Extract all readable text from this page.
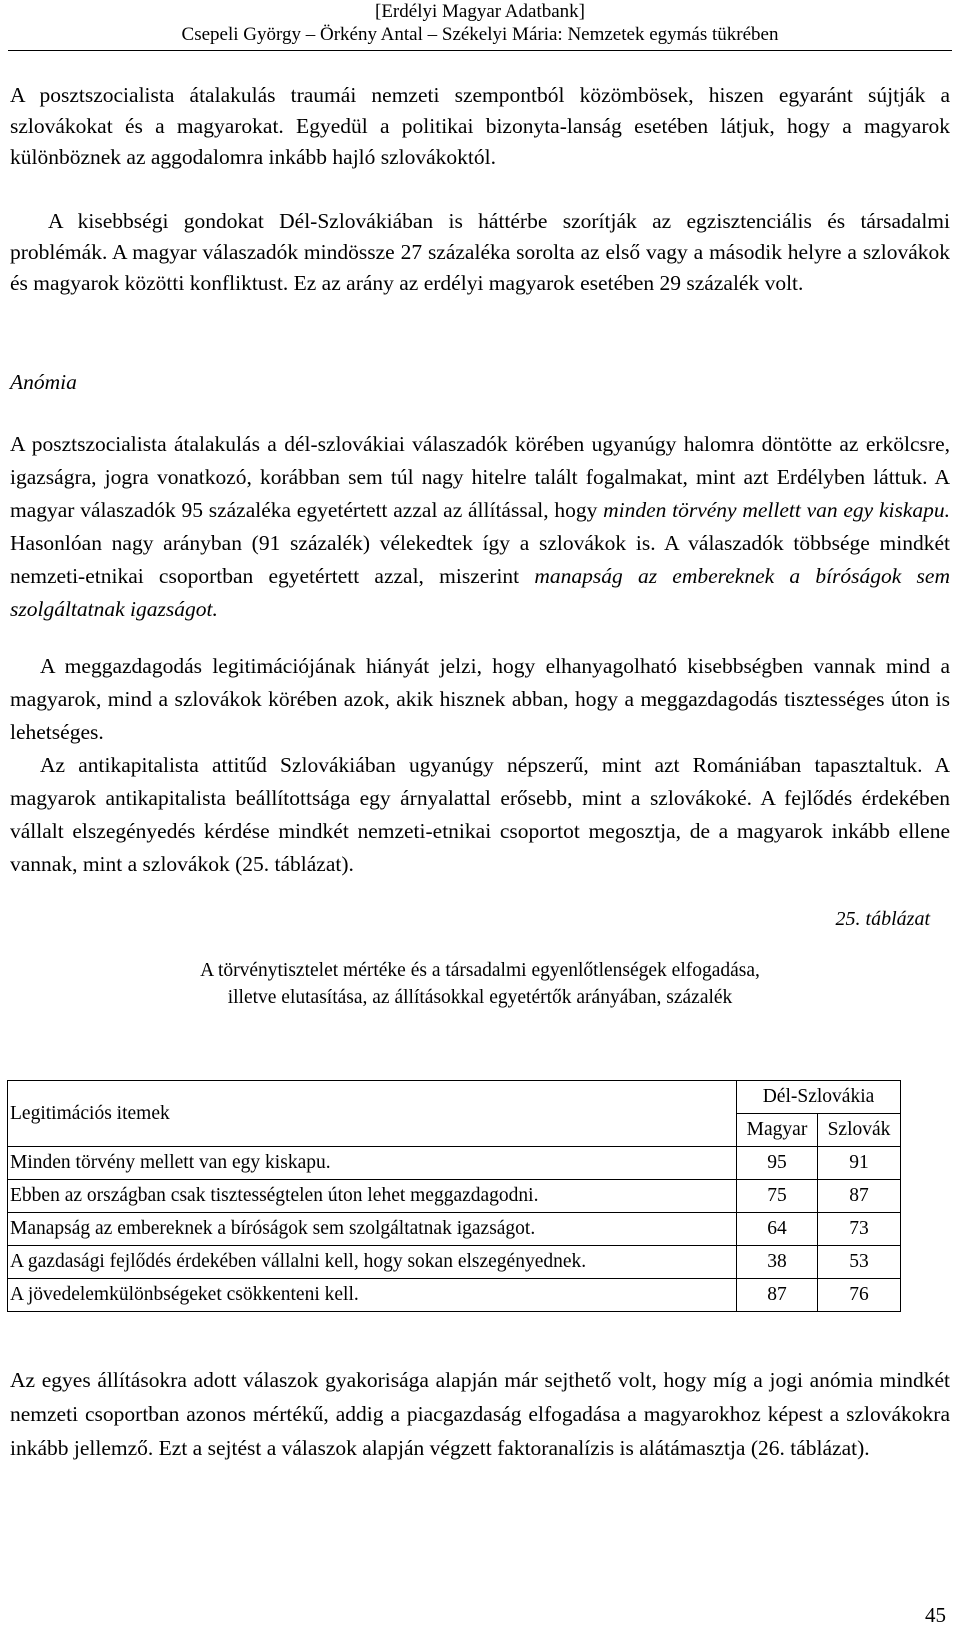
[Erdélyi Magyar Adatbank]
Csepeli György – Örkény Antal – Székelyi Mária: Nemzetek egymás tükrében
A posztszocialista átalakulás traumái nemzeti szempontból közömbösek, hiszen egyaránt sújtják a szlovákokat és a magyarokat. Egyedül a politikai bizonyta-lanság esetében látjuk, hogy a magyarok különböznek az aggodalomra inkább hajló szlovákoktól.
A kisebbségi gondokat Dél-Szlovákiában is háttérbe szorítják az egzisztenciális és társadalmi problémák. A magyar válaszadók mindössze 27 százaléka sorolta az első vagy a második helyre a szlovákok és magyarok közötti konfliktust. Ez az arány az erdélyi magyarok esetében 29 százalék volt.
Anómia
A posztszocialista átalakulás a dél-szlovákiai válaszadók körében ugyanúgy halomra döntötte az erkölcsre, igazságra, jogra vonatkozó, korábban sem túl nagy hitelre talált fogalmakat, mint azt Erdélyben láttuk. A magyar válaszadók 95 százaléka egyetértett azzal az állítással, hogy minden törvény mellett van egy kiskapu. Hasonlóan nagy arányban (91 százalék) vélekedtek így a szlovákok is. A válaszadók többsége mindkét nemzeti-etnikai csoportban egyetértett azzal, miszerint manapság az embereknek a bíróságok sem szolgáltatnak igazságot.
A meggazdagodás legitimációjának hiányát jelzi, hogy elhanyagolható kisebbségben vannak mind a magyarok, mind a szlovákok körében azok, akik hisznek abban, hogy a meggazdagodás tisztességes úton is lehetséges.
Az antikapitalista attitűd Szlovákiában ugyanúgy népszerű, mint azt Romániában tapasztaltuk. A magyarok antikapitalista beállítottsága egy árnyalattal erősebb, mint a szlovákoké. A fejlődés érdekében vállalt elszegényedés kérdése mindkét nemzeti-etnikai csoportot megosztja, de a magyarok inkább ellene vannak, mint a szlovákok (25. táblázat).
25. táblázat
A törvénytisztelet mértéke és a társadalmi egyenlőtlenségek elfogadása,
illetve elutasítása, az állításokkal egyetértők arányában, százalék
Legitimációs itemek	Dél-Szlovákia	
	Magyar	Szlovák
Minden törvény mellett van egy kiskapu.	95	91
Ebben az országban csak tisztességtelen úton lehet meggazdagodni.	75	87
Manapság az embereknek a bíróságok sem szolgáltatnak igazságot.	64	73
A gazdasági fejlődés érdekében vállalni kell, hogy sokan elszegényednek.	38	53
A jövedelemkülönbségeket csökkenteni kell.	87	76
Az egyes állításokra adott válaszok gyakorisága alapján már sejthető volt, hogy míg a jogi anómia mindkét nemzeti csoportban azonos mértékű, addig a piacgazdaság elfogadása a magyarokhoz képest a szlovákokra inkább jellemző. Ezt a sejtést a válaszok alapján végzett faktoranalízis is alátámasztja (26. táblázat).
45
